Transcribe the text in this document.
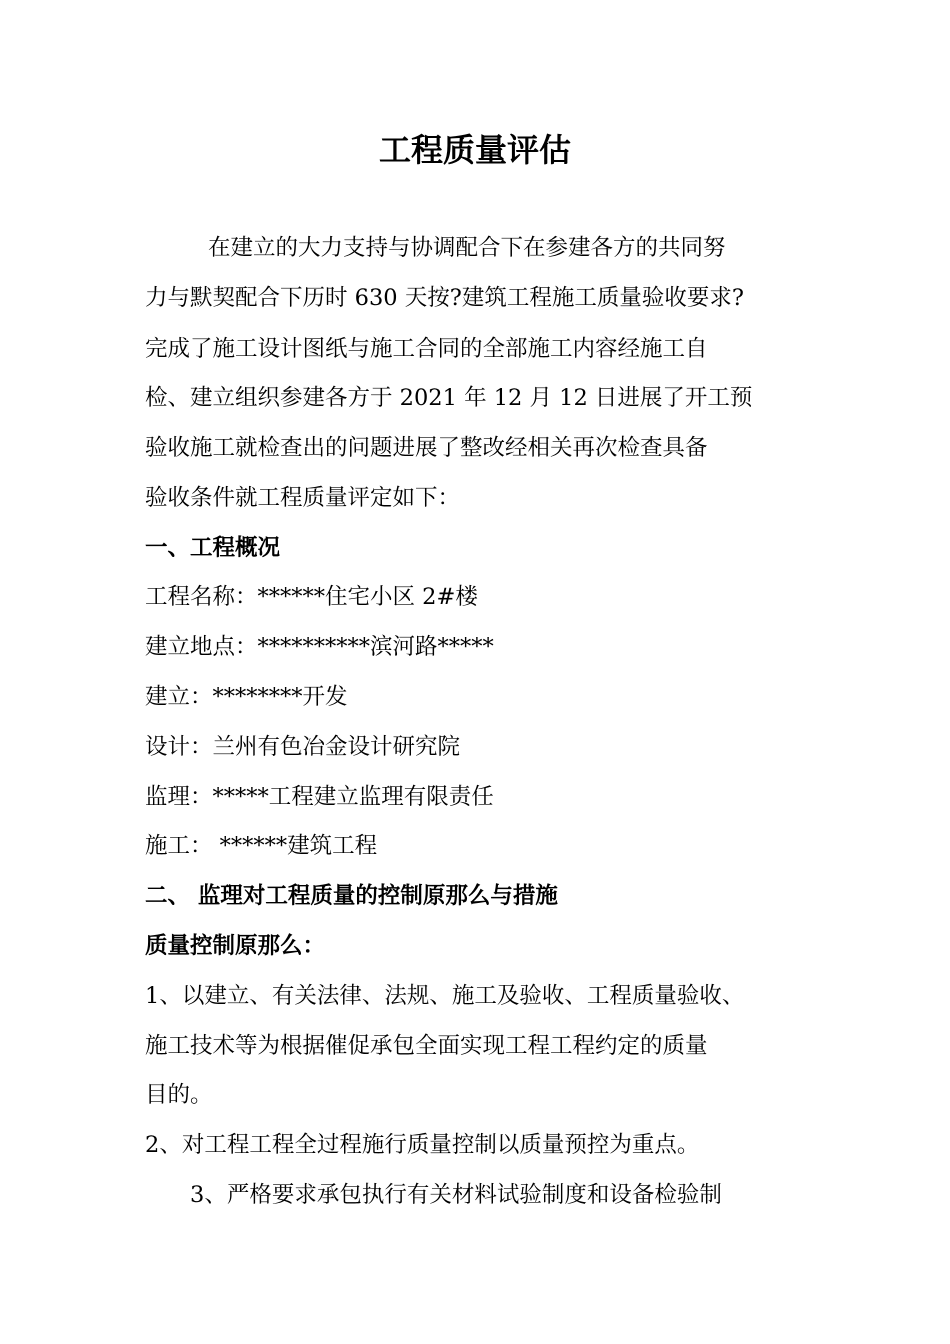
工程质量评估
在建立的大力支持与协调配合下在参建各方的共同努
力与默契配合下历时 630 天按?建筑工程施工质量验收要求?
完成了施工设计图纸与施工合同的全部施工内容经施工自
检、建立组织参建各方于 2021 年 12 月 12 日进展了开工预
验收施工就检查出的问题进展了整改经相关再次检查具备
验收条件就工程质量评定如下：
一、工程概况
工程名称：******住宅小区 2#楼
建立地点：**********滨河路*****
建立：********开发
设计：兰州有色冶金设计研究院
监理：*****工程建立监理有限责任
施工： ******建筑工程
二、 监理对工程质量的控制原那么与措施
质量控制原那么：
1、以建立、有关法律、法规、施工及验收、工程质量验收、
施工技术等为根据催促承包全面实现工程工程约定的质量
目的。
2、对工程工程全过程施行质量控制以质量预控为重点。
3、严格要求承包执行有关材料试验制度和设备检验制
